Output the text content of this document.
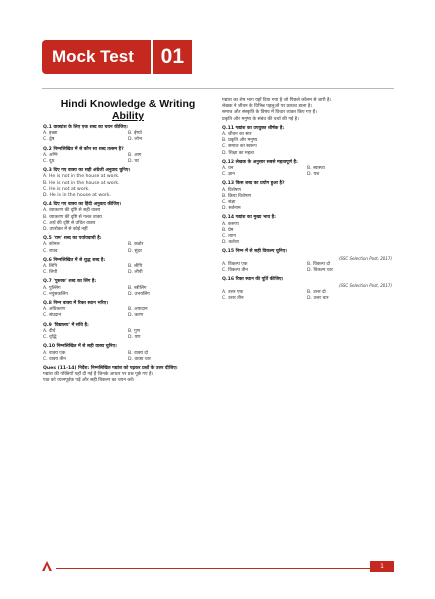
Mock Test	01
Hindi Knowledge & Writing
Ability
Q.1 वाक्यांश के लिए एक शब्द का चयन कीजिए।
A. इच्छा	B. ईर्ष्या
C. द्वेष	D. लोभ
Q.2 निम्नलिखित में से कौन सा शब्द तत्सम है?
A. अग्नि	B. आग
C. दूध	D. घर
Q.3 दिए गए वाक्य का सही अंग्रेजी अनुवाद चुनिए।
A. He is not in the house at work.
B. He is not in the house at work.
C. He is not at work.
D. He is in the house at work.
Q.4 दिए गए वाक्य का हिंदी अनुवाद कीजिए।
A. व्याकरण की दृष्टि से सही वाक्य
B. व्याकरण की दृष्टि से गलत वाक्य
C. अर्थ की दृष्टि से उचित वाक्य
D. उपरोक्त में से कोई नहीं
Q.5 'राम' शब्द का पर्यायवाची है:
A. कोमल	B. कठोर
C. राघव	D. सुंदर
Q.6 निम्नलिखित में से शुद्ध शब्द है:
A. लिपि	B. लीपि
C. लिपी	D. लीपी
Q.7 'पुस्तक' शब्द का लिंग है:
A. पुल्लिंग	B. स्त्रीलिंग
C. नपुंसकलिंग	D. उभयलिंग
Q.8 निम्न वाक्य में रिक्त स्थान भरिए।
A. अधिकरण	B. अपादान
C. संप्रदान	D. करण
Q.9 'विद्यालय' में संधि है:
A. दीर्घ	B. गुण
C. वृद्धि	D. यण
Q.10 निम्नलिखित में से सही वाक्य चुनिए।
A. वाक्य एक	B. वाक्य दो
C. वाक्य तीन	D. वाक्य चार
Ques (11-14) निर्देश: निम्नलिखित गद्यांश को पढ़कर प्रश्नों के उत्तर दीजिए।
गद्यांश की पंक्तियाँ यहाँ दी गई हैं जिनके आधार पर प्रश्न पूछे गए हैं।
पाठ को ध्यानपूर्वक पढ़ें और सही विकल्प का चयन करें।
गद्यांश का शेष भाग यहाँ दिया गया है जो पिछले कॉलम से जारी है।
लेखक ने जीवन के विभिन्न पहलुओं पर प्रकाश डाला है।
समाज और संस्कृति के विषय में विचार व्यक्त किए गए हैं।
प्रकृति और मनुष्य के संबंध की चर्चा की गई है।
Q.11 गद्यांश का उपयुक्त शीर्षक है:
A. जीवन का सार
B. प्रकृति और मनुष्य
C. समाज का स्वरूप
D. शिक्षा का महत्व
Q.12 लेखक के अनुसार सबसे महत्वपूर्ण है:
A. धन	B. स्वास्थ्य
C. ज्ञान	D. यश
Q.13 किस शब्द का प्रयोग हुआ है?
A. विशेषण
B. क्रिया विशेषण
C. संज्ञा
D. सर्वनाम
Q.14 गद्यांश का मुख्य भाव है:
A. करुणा
B. प्रेम
C. त्याग
D. कर्तव्य
Q.15 निम्न में से सही विकल्प चुनिए।
(SSC Selection Post, 2017)
A. विकल्प एक	B. विकल्प दो
C. विकल्प तीन	D. विकल्प चार
Q.16 रिक्त स्थान की पूर्ति कीजिए।
(SSC Selection Post, 2017)
A. उत्तर एक	B. उत्तर दो
C. उत्तर तीन	D. उत्तर चार
1
